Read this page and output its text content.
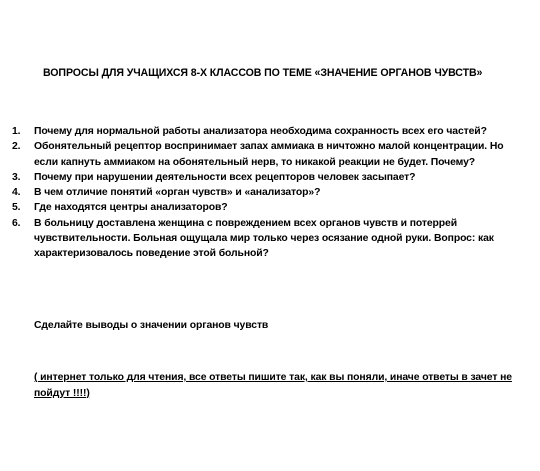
ВОПРОСЫ ДЛЯ УЧАЩИХСЯ 8-Х КЛАССОВ ПО ТЕМЕ «ЗНАЧЕНИЕ ОРГАНОВ ЧУВСТВ»
1.	Почему для нормальной работы анализатора необходима сохранность всех его частей?
2.	Обонятельный рецептор воспринимает запах аммиака в ничтожно малой концентрации. Но если капнуть аммиаком на обонятельный нерв, то никакой реакции не будет. Почему?
3.	Почему при нарушении деятельности всех рецепторов человек засыпает?
4.	В чем отличие понятий «орган чувств» и «анализатор»?
5.	Где находятся центры анализаторов?
6.	В больницу доставлена женщина с повреждением всех органов чувств и потеррей чувствительности. Больная ощущала мир только через осязание одной руки. Вопрос: как характеризовалось поведение этой больной?
Сделайте выводы о значении органов чувств
( интернет только для чтения, все ответы пишите так, как вы поняли, иначе ответы в зачет не пойдут !!!!)
